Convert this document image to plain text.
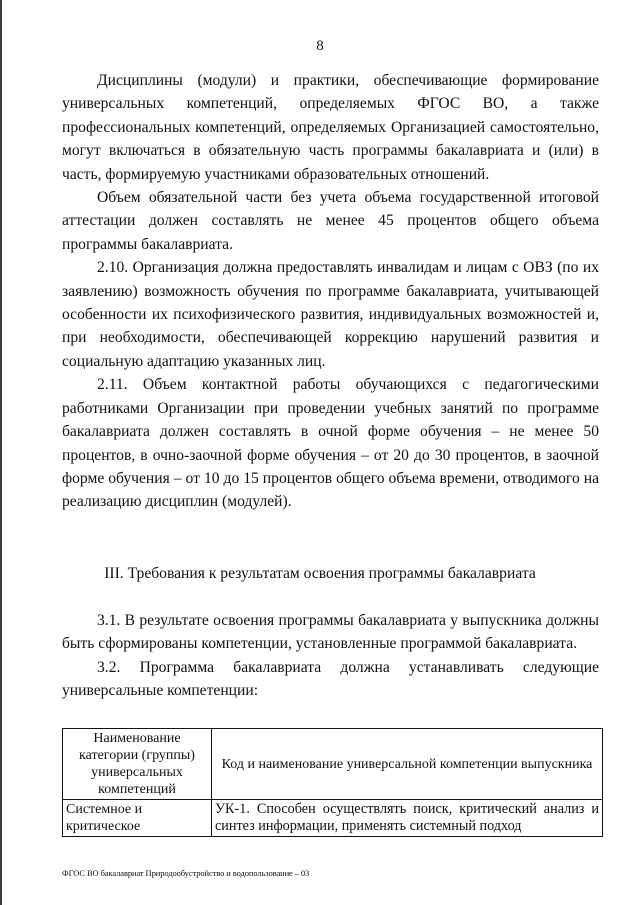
8

Дисциплины (модули) и практики, обеспечивающие формирование универсальных компетенций, определяемых ФГОС ВО, а также профессиональных компетенций, определяемых Организацией самостоятельно, могут включаться в обязательную часть программы бакалавриата и (или) в часть, формируемую участниками образовательных отношений.

Объем обязательной части без учета объема государственной итоговой аттестации должен составлять не менее 45 процентов общего объема программы бакалавриата.

2.10. Организация должна предоставлять инвалидам и лицам с ОВЗ (по их заявлению) возможность обучения по программе бакалавриата, учитывающей особенности их психофизического развития, индивидуальных возможностей и, при необходимости, обеспечивающей коррекцию нарушений развития и социальную адаптацию указанных лиц.

2.11. Объем контактной работы обучающихся с педагогическими работниками Организации при проведении учебных занятий по программе бакалавриата должен составлять в очной форме обучения – не менее 50 процентов, в очно-заочной форме обучения – от 20 до 30 процентов, в заочной форме обучения – от 10 до 15 процентов общего объема времени, отводимого на реализацию дисциплин (модулей).

III. Требования к результатам освоения программы бакалавриата

3.1. В результате освоения программы бакалавриата у выпускника должны быть сформированы компетенции, установленные программой бакалавриата.

3.2. Программа бакалавриата должна устанавливать следующие универсальные компетенции:

Наименование категории (группы) универсальных компетенций	Код и наименование универсальной компетенции выпускника
Системное и критическое	УК-1. Способен осуществлять поиск, критический анализ и синтез информации, применять системный подход
ФГОС ВО бакалавриат Природообустройство и водопользование – 03
